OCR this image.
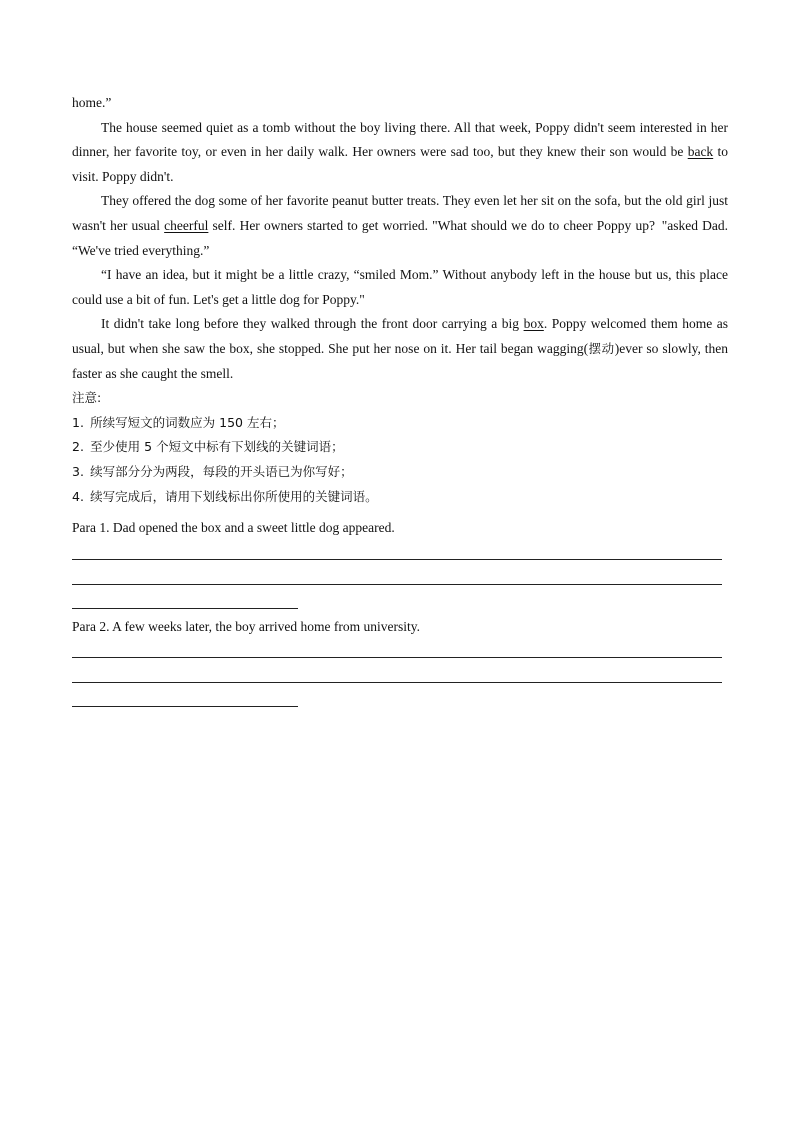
home.”

The house seemed quiet as a tomb without the boy living there. All that week, Poppy didn't seem interested in her dinner, her favorite toy, or even in her daily walk. Her owners were sad too, but they knew their son would be back to visit. Poppy didn't.

They offered the dog some of her favorite peanut butter treats. They even let her sit on the sofa, but the old girl just wasn't her usual cheerful self. Her owners started to get worried. "What should we do to cheer Poppy up? "asked Dad. “We've tried everything.”

“I have an idea, but it might be a little crazy, “smiled Mom.” Without anybody left in the house but us, this place could use a bit of fun. Let's get a little dog for Poppy."

It didn't take long before they walked through the front door carrying a big box. Poppy welcomed them home as usual, but when she saw the box, she stopped. She put her nose on it. Her tail began wagging(摆动)ever so slowly, then faster as she caught the smell.

注意:

1. 所续写短文的词数应为 150 左右；

2. 至少使用 5 个短文中标有下划线的关键词语；

3. 续写部分分为两段，每段的开头语已为你写好；

4. 续写完成后，请用下划线标出你所使用的关键词语。

Para 1. Dad opened the box and a sweet little dog appeared.
Para 2. A few weeks later, the boy arrived home from university.
